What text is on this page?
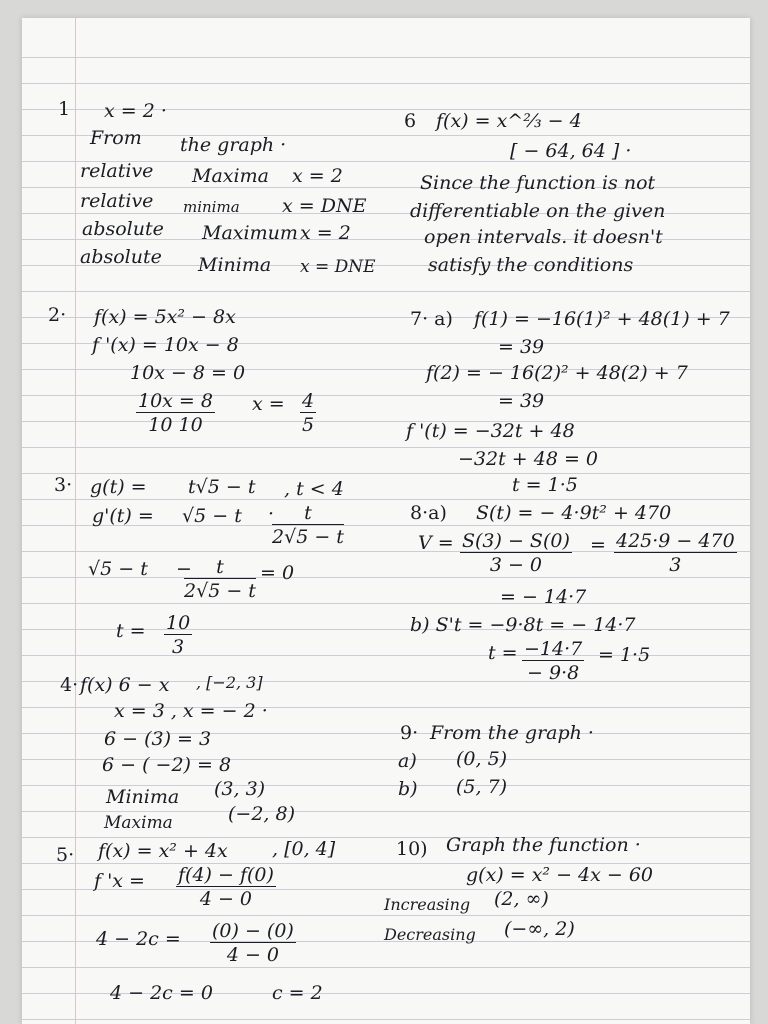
1 x = 2 ·
From the graph ·
relative Maxima x = 2
relative minima x = DNE
absolute Maximum x = 2
absolute Minima x = DNE
2· f(x) = 5x² − 8x
f '(x) = 10x − 8
10x − 8 = 0
$\frac{10x = 8}{10 10}$ $x = \frac{4}{5}$
3· g(t) = t√5 − t , t < 4
g'(t) = √5 − t ·
$\frac{t}{2√5 - t}$
√5 − t −
$\frac{t}{2√5 - t} = 0$
$t = \frac{10}{3}$
4· f(x) 6 − x , [−2, 3]
x = 3 , x = − 2 ·
6 − (3) = 3
6 − ( −2) = 8
Minima (3, 3)
Maxima	(−2, 8)
5· f(x) = x² + 4x , [0, 4]
f '$x = \frac{f(4) - f(0)}{4 - 0}$
$4 - 2c = \frac{(0) - (0)}{4 - 0}$
4 − 2c = 0	c = 2
6 f(x) = x^⅔ − 4
[ − 64, 64 ] ·
Since the function is not
differentiable on the given
open intervals. it doesn't
satisfy the conditions
7· a) f(1) = −16(1)² + 48(1) + 7
= 39
f(2) = − 16(2)² + 48(2) + 7
= 39
f '(t) = −32t + 48
−32t + 48 = 0
t = 1·5
8·a) S(t) = − 4·9t² + 470
$V = \frac{S(3) - S(0)}{3 - 0} = \frac{425\cdot 9 - 470}{3}$
= − 14·7
b) S't = −9·8t = − 14·7
$t = \frac{-14\cdot 7}{- 9\cdot 8} = 1\cdot 5$
9· From the graph ·
a) (0, 5)
b) (5, 7)
10) Graph the function ·
g(x) = x² − 4x − 60
Increasing (2, ∞)
Decreasing (−∞, 2)
